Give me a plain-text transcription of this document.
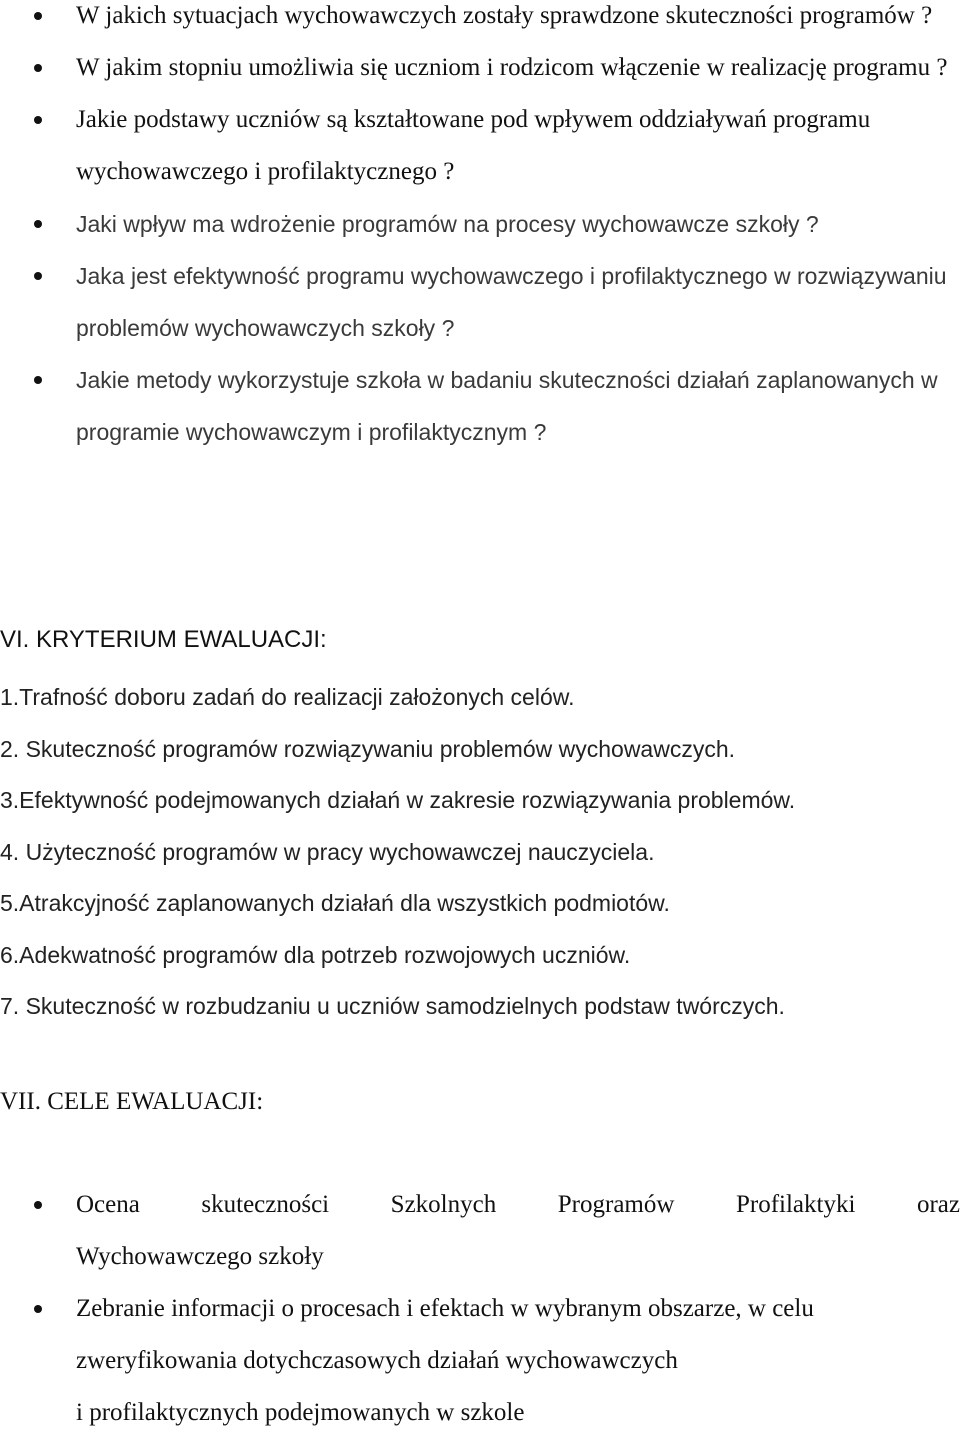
W jakich sytuacjach wychowawczych zostały sprawdzone skuteczności programów ?
W jakim stopniu umożliwia się uczniom i rodzicom włączenie w realizację programu ?
Jakie podstawy uczniów są kształtowane pod wpływem oddziaływań programu wychowawczego i profilaktycznego ?
Jaki wpływ ma wdrożenie programów na procesy wychowawcze szkoły ?
Jaka jest efektywność programu wychowawczego i profilaktycznego w rozwiązywaniu problemów wychowawczych szkoły ?
Jakie metody wykorzystuje szkoła w badaniu skuteczności działań zaplanowanych w programie wychowawczym i profilaktycznym ?
VI. KRYTERIUM EWALUACJI:
1.Trafność doboru zadań do realizacji założonych celów.
2. Skuteczność programów rozwiązywaniu problemów wychowawczych.
3.Efektywność podejmowanych działań w zakresie rozwiązywania problemów.
4. Użyteczność programów w pracy wychowawczej nauczyciela.
5.Atrakcyjność zaplanowanych działań dla wszystkich podmiotów.
6.Adekwatność programów dla potrzeb rozwojowych uczniów.
7. Skuteczność w rozbudzaniu u uczniów samodzielnych podstaw twórczych.
VII. CELE EWALUACJI:
Ocena skuteczności Szkolnych Programów Profilaktyki oraz
Wychowawczego szkoły
Zebranie informacji o procesach i efektach w wybranym obszarze, w celu zweryfikowania dotychczasowych działań wychowawczych
i profilaktycznych podejmowanych w szkole
